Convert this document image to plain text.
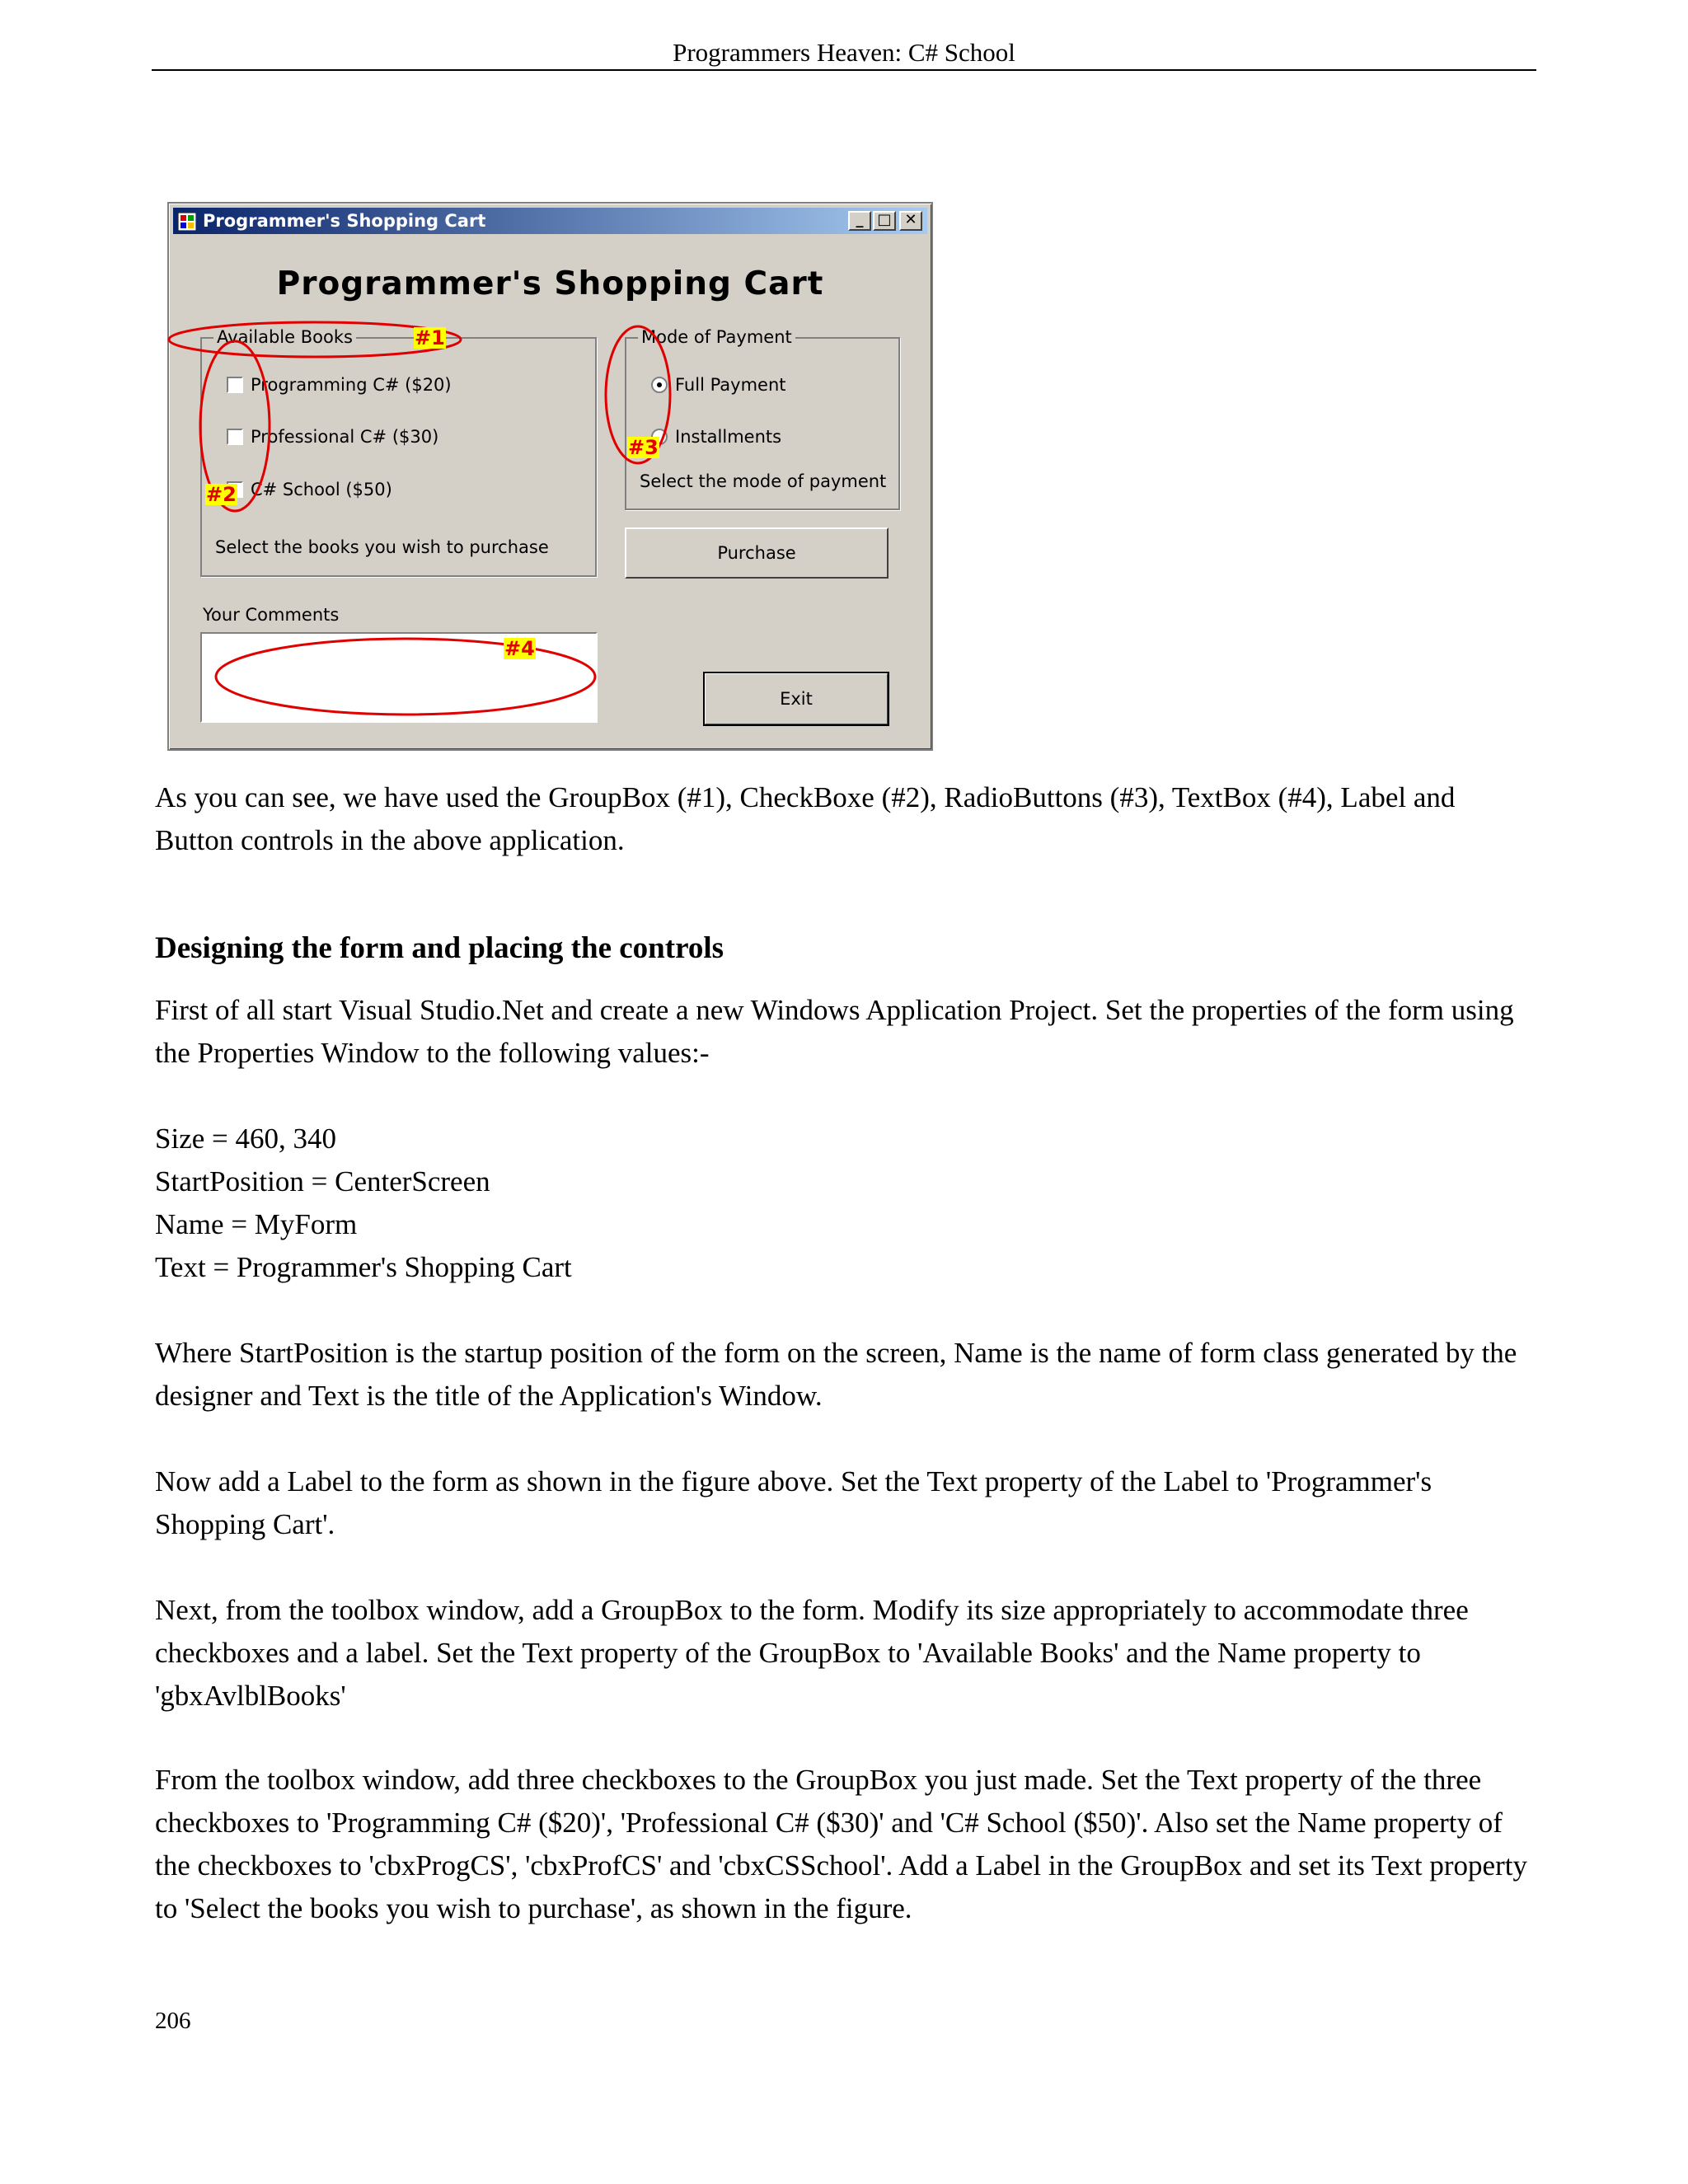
Programmers Heaven: C# School
Programmer's Shopping Cart	_ □ ✕
Programmer's Shopping Cart
Available Books
Programming C# ($20)
Professional C# ($30)
C# School ($50)
Select the books you wish to purchase
Mode of Payment
Full Payment
Installments
Select the mode of payment
Purchase
Your Comments
Exit
#1
#2
#3
#4
As you can see, we have used the GroupBox (#1), CheckBoxe (#2), RadioButtons (#3), TextBox (#4), Label and Button controls in the above application.
Designing the form and placing the controls
First of all start Visual Studio.Net and create a new Windows Application Project. Set the properties of the form using the Properties Window to the following values:-
Size = 460, 340
StartPosition = CenterScreen
Name = MyForm
Text = Programmer's Shopping Cart
Where StartPosition is the startup position of the form on the screen, Name is the name of form class generated by the designer and Text is the title of the Application's Window.
Now add a Label to the form as shown in the figure above. Set the Text property of the Label to 'Programmer's Shopping Cart'.
Next, from the toolbox window, add a GroupBox to the form. Modify its size appropriately to accommodate three checkboxes and a label. Set the Text property of the GroupBox to 'Available Books' and the Name property to 'gbxAvlblBooks'
From the toolbox window, add three checkboxes to the GroupBox you just made. Set the Text property of the three checkboxes to 'Programming C# ($20)', 'Professional C# ($30)' and 'C# School ($50)'. Also set the Name property of the checkboxes to 'cbxProgCS', 'cbxProfCS' and 'cbxCSSchool'. Add a Label in the GroupBox and set its Text property to 'Select the books you wish to purchase', as shown in the figure.
206
